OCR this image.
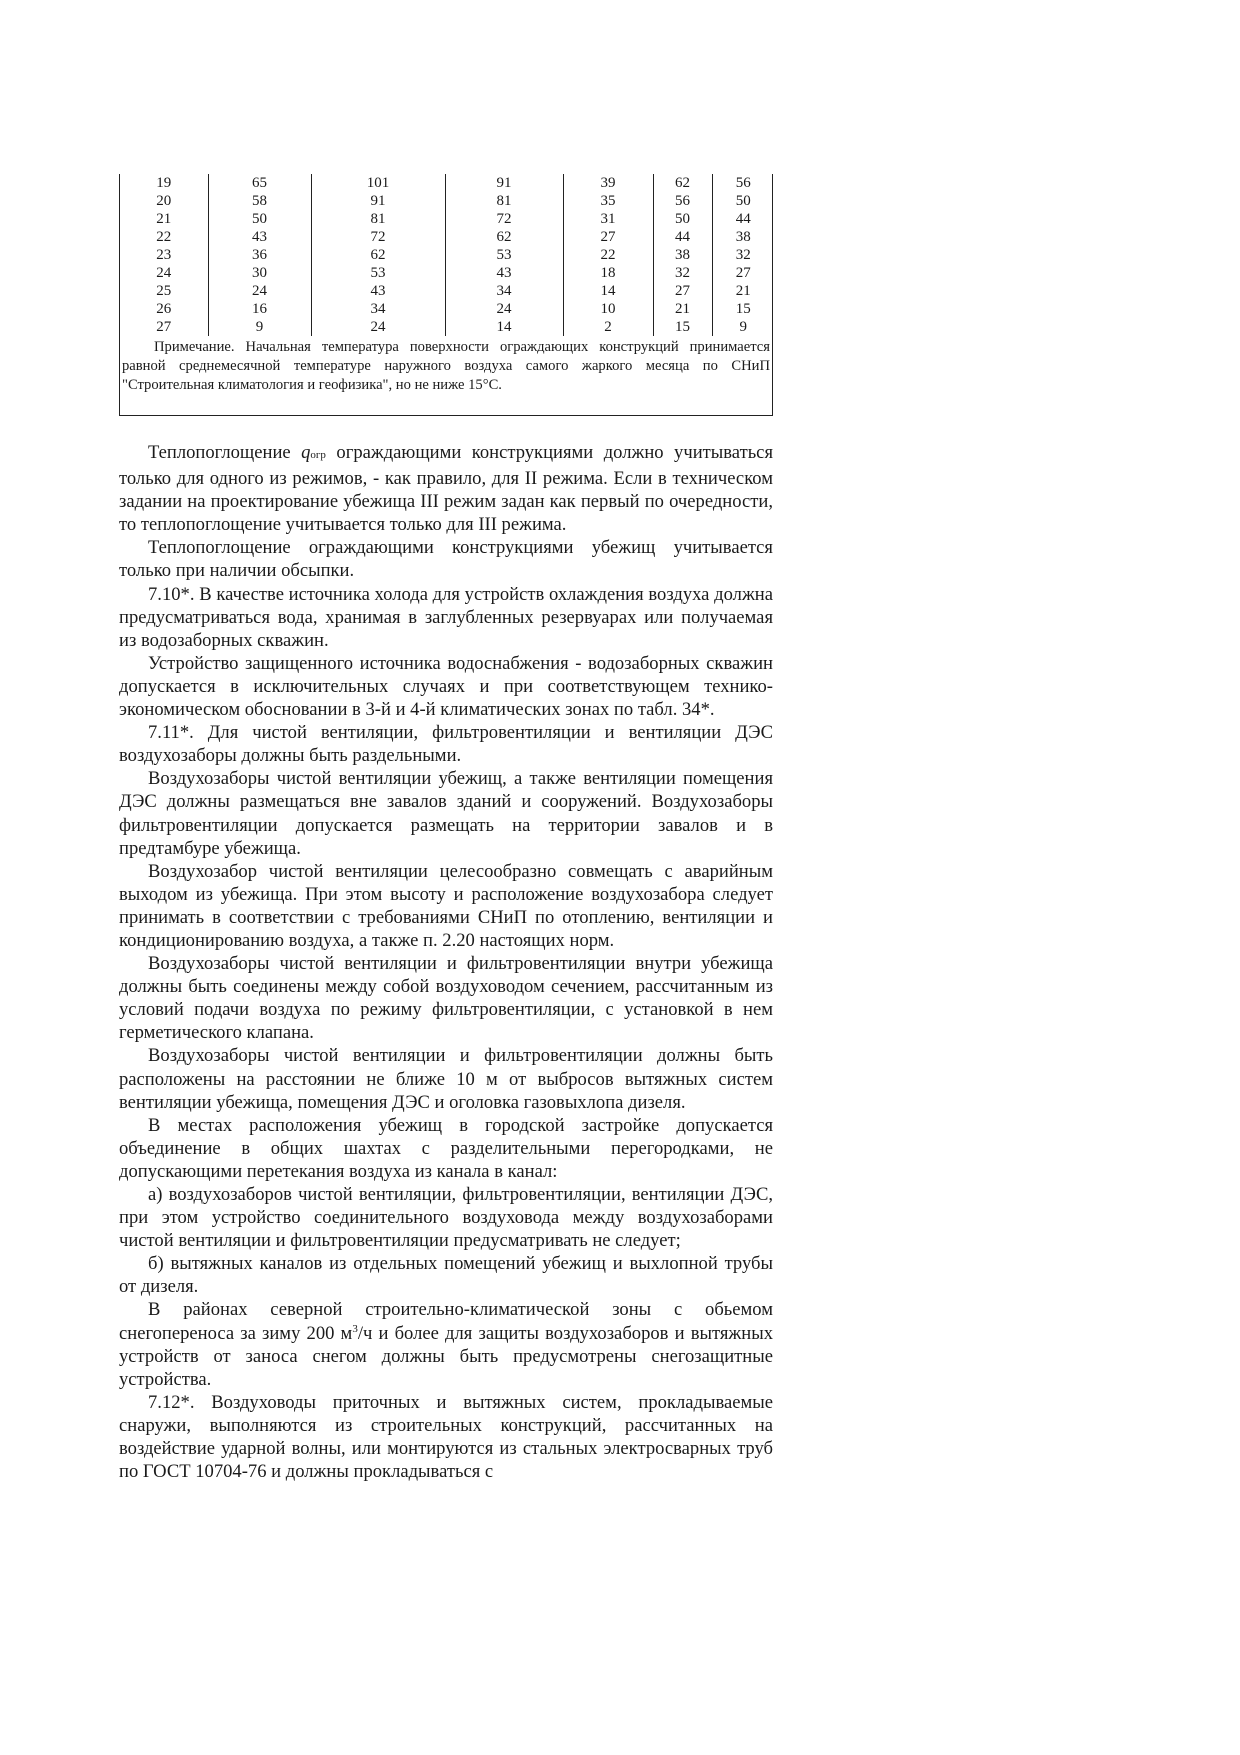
19	65	101	91	39	62	56
20	58	91	81	35	56	50
21	50	81	72	31	50	44
22	43	72	62	27	44	38
23	36	62	53	22	38	32
24	30	53	43	18	32	27
25	24	43	34	14	27	21
26	16	34	24	10	21	15
27	9	24	14	2	15	9
Примечание. Начальная температура поверхности ограждающих конструкций принимается равной среднемесячной температуре наружного воздуха самого жаркого месяца по СНиП "Строительная климатология и геофизика", но не ниже 15°C.

Теплопоглощение qогр ограждающими конструкциями должно учитываться только для одного из режимов, - как правило, для II режима. Если в техническом задании на проектирование убежища III режим задан как первый по очередности, то теплопоглощение учитывается только для III режима.

Теплопоглощение ограждающими конструкциями убежищ учитывается только при наличии обсыпки.

7.10*. В качестве источника холода для устройств охлаждения воздуха должна предусматриваться вода, хранимая в заглубленных резервуарах или получаемая из водозаборных скважин.

Устройство защищенного источника водоснабжения - водозаборных скважин допускается в исключительных случаях и при соответствующем технико-экономическом обосновании в 3-й и 4-й климатических зонах по табл. 34*.

7.11*. Для чистой вентиляции, фильтровентиляции и вентиляции ДЭС воздухозаборы должны быть раздельными.

Воздухозаборы чистой вентиляции убежищ, а также вентиляции помещения ДЭС должны размещаться вне завалов зданий и сооружений. Воздухозаборы фильтровентиляции допускается размещать на территории завалов и в предтамбуре убежища.

Воздухозабор чистой вентиляции целесообразно совмещать с аварийным выходом из убежища. При этом высоту и расположение воздухозабора следует принимать в соответствии с требованиями СНиП по отоплению, вентиляции и кондиционированию воздуха, а также п. 2.20 настоящих норм.

Воздухозаборы чистой вентиляции и фильтровентиляции внутри убежища должны быть соединены между собой воздуховодом сечением, рассчитанным из условий подачи воздуха по режиму фильтровентиляции, с установкой в нем герметического клапана.

Воздухозаборы чистой вентиляции и фильтровентиляции должны быть расположены на расстоянии не ближе 10 м от выбросов вытяжных систем вентиляции убежища, помещения ДЭС и оголовка газовыхлопа дизеля.

В местах расположения убежищ в городской застройке допускается объединение в общих шахтах с разделительными перегородками, не допускающими перетекания воздуха из канала в канал:

а) воздухозаборов чистой вентиляции, фильтровентиляции, вентиляции ДЭС, при этом устройство соединительного воздуховода между воздухозаборами чистой вентиляции и фильтровентиляции предусматривать не следует;

б) вытяжных каналов из отдельных помещений убежищ и выхлопной трубы от дизеля.

В районах северной строительно-климатической зоны с обьемом снегопереноса за зиму 200 $м^3/ч$ и более для защиты воздухозаборов и вытяжных устройств от заноса снегом должны быть предусмотрены снегозащитные устройства.

7.12*. Воздуховоды приточных и вытяжных систем, прокладываемые снаружи, выполняются из строительных конструкций, рассчитанных на воздействие ударной волны, или монтируются из стальных электросварных труб по ГОСТ 10704-76 и должны прокладываться с
